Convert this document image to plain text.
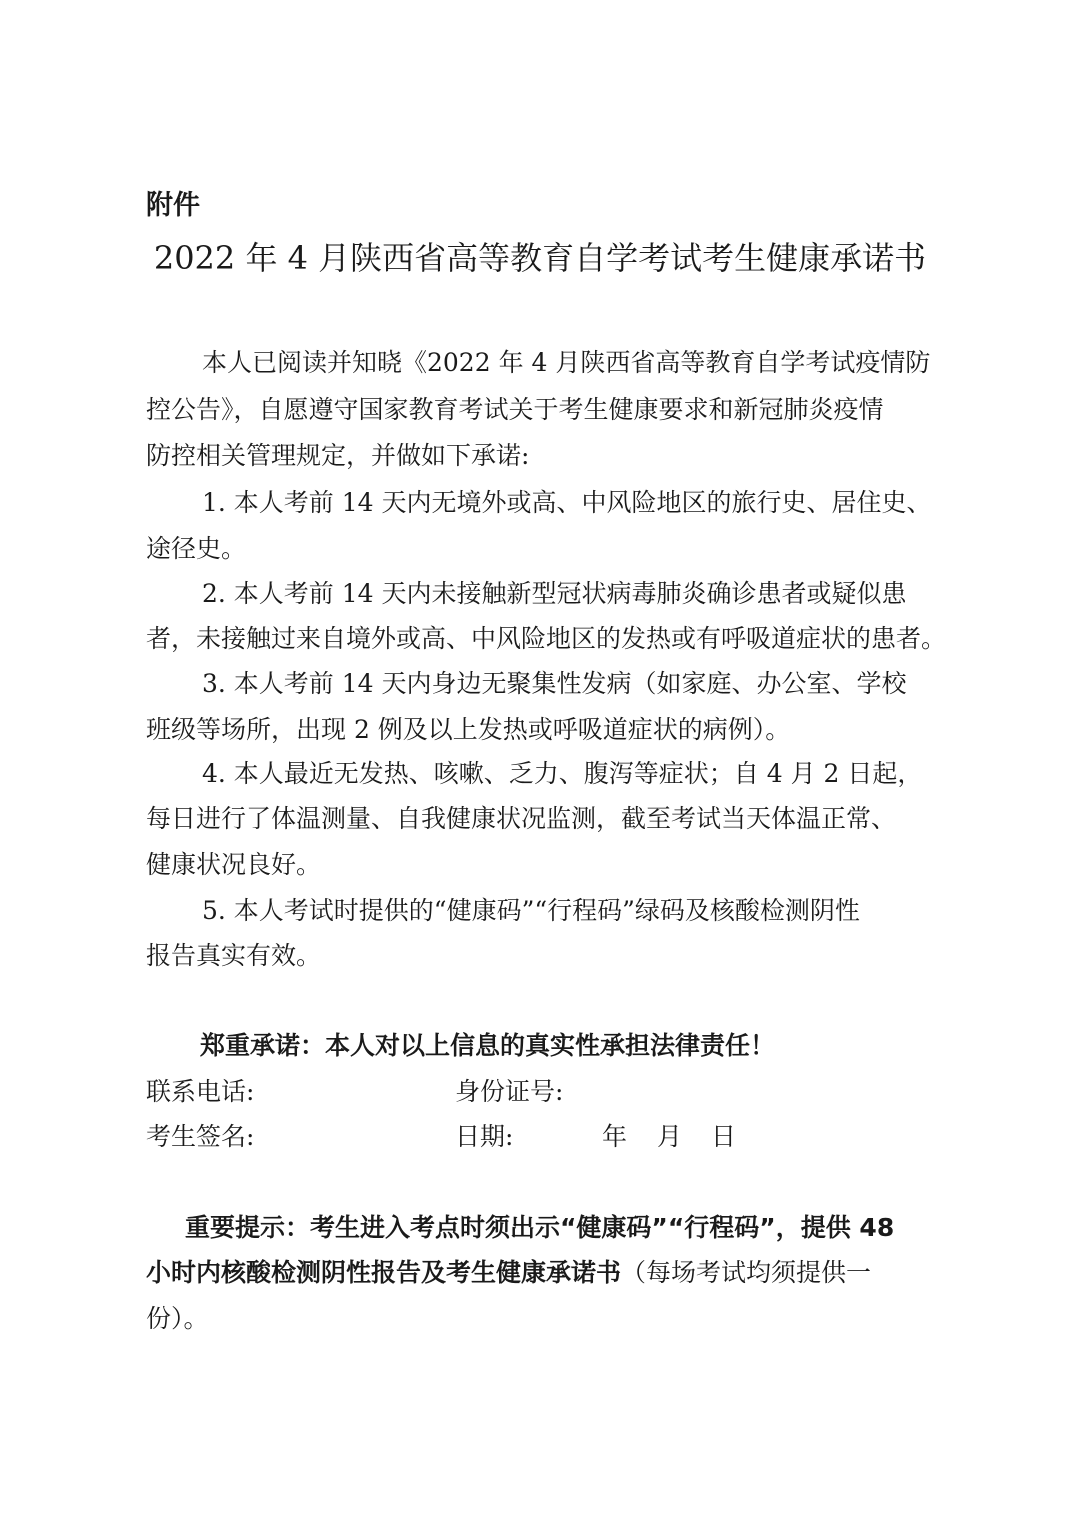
附件
2022 年 4 月陕西省高等教育自学考试考生健康承诺书
本人已阅读并知晓《2022 年 4 月陕西省高等教育自学考试疫情防
控公告》，自愿遵守国家教育考试关于考生健康要求和新冠肺炎疫情
防控相关管理规定，并做如下承诺:
1. 本人考前 14 天内无境外或高、中风险地区的旅行史、居住史、
途径史。
2. 本人考前 14 天内未接触新型冠状病毒肺炎确诊患者或疑似患
者，未接触过来自境外或高、中风险地区的发热或有呼吸道症状的患者。
3. 本人考前 14 天内身边无聚集性发病（如家庭、办公室、学校
班级等场所，出现 2 例及以上发热或呼吸道症状的病例）。
4. 本人最近无发热、咳嗽、乏力、腹泻等症状；自 4 月 2 日起，
每日进行了体温测量、自我健康状况监测，截至考试当天体温正常、
健康状况良好。
5. 本人考试时提供的“健康码”“行程码”绿码及核酸检测阴性
报告真实有效。
郑重承诺：本人对以上信息的真实性承担法律责任！
联系电话:	身份证号:
考生签名:	日期:	年 月 日
重要提示：考生进入考点时须出示“健康码”“行程码”，提供 48
小时内核酸检测阴性报告及考生健康承诺书（每场考试均须提供一
份）。
